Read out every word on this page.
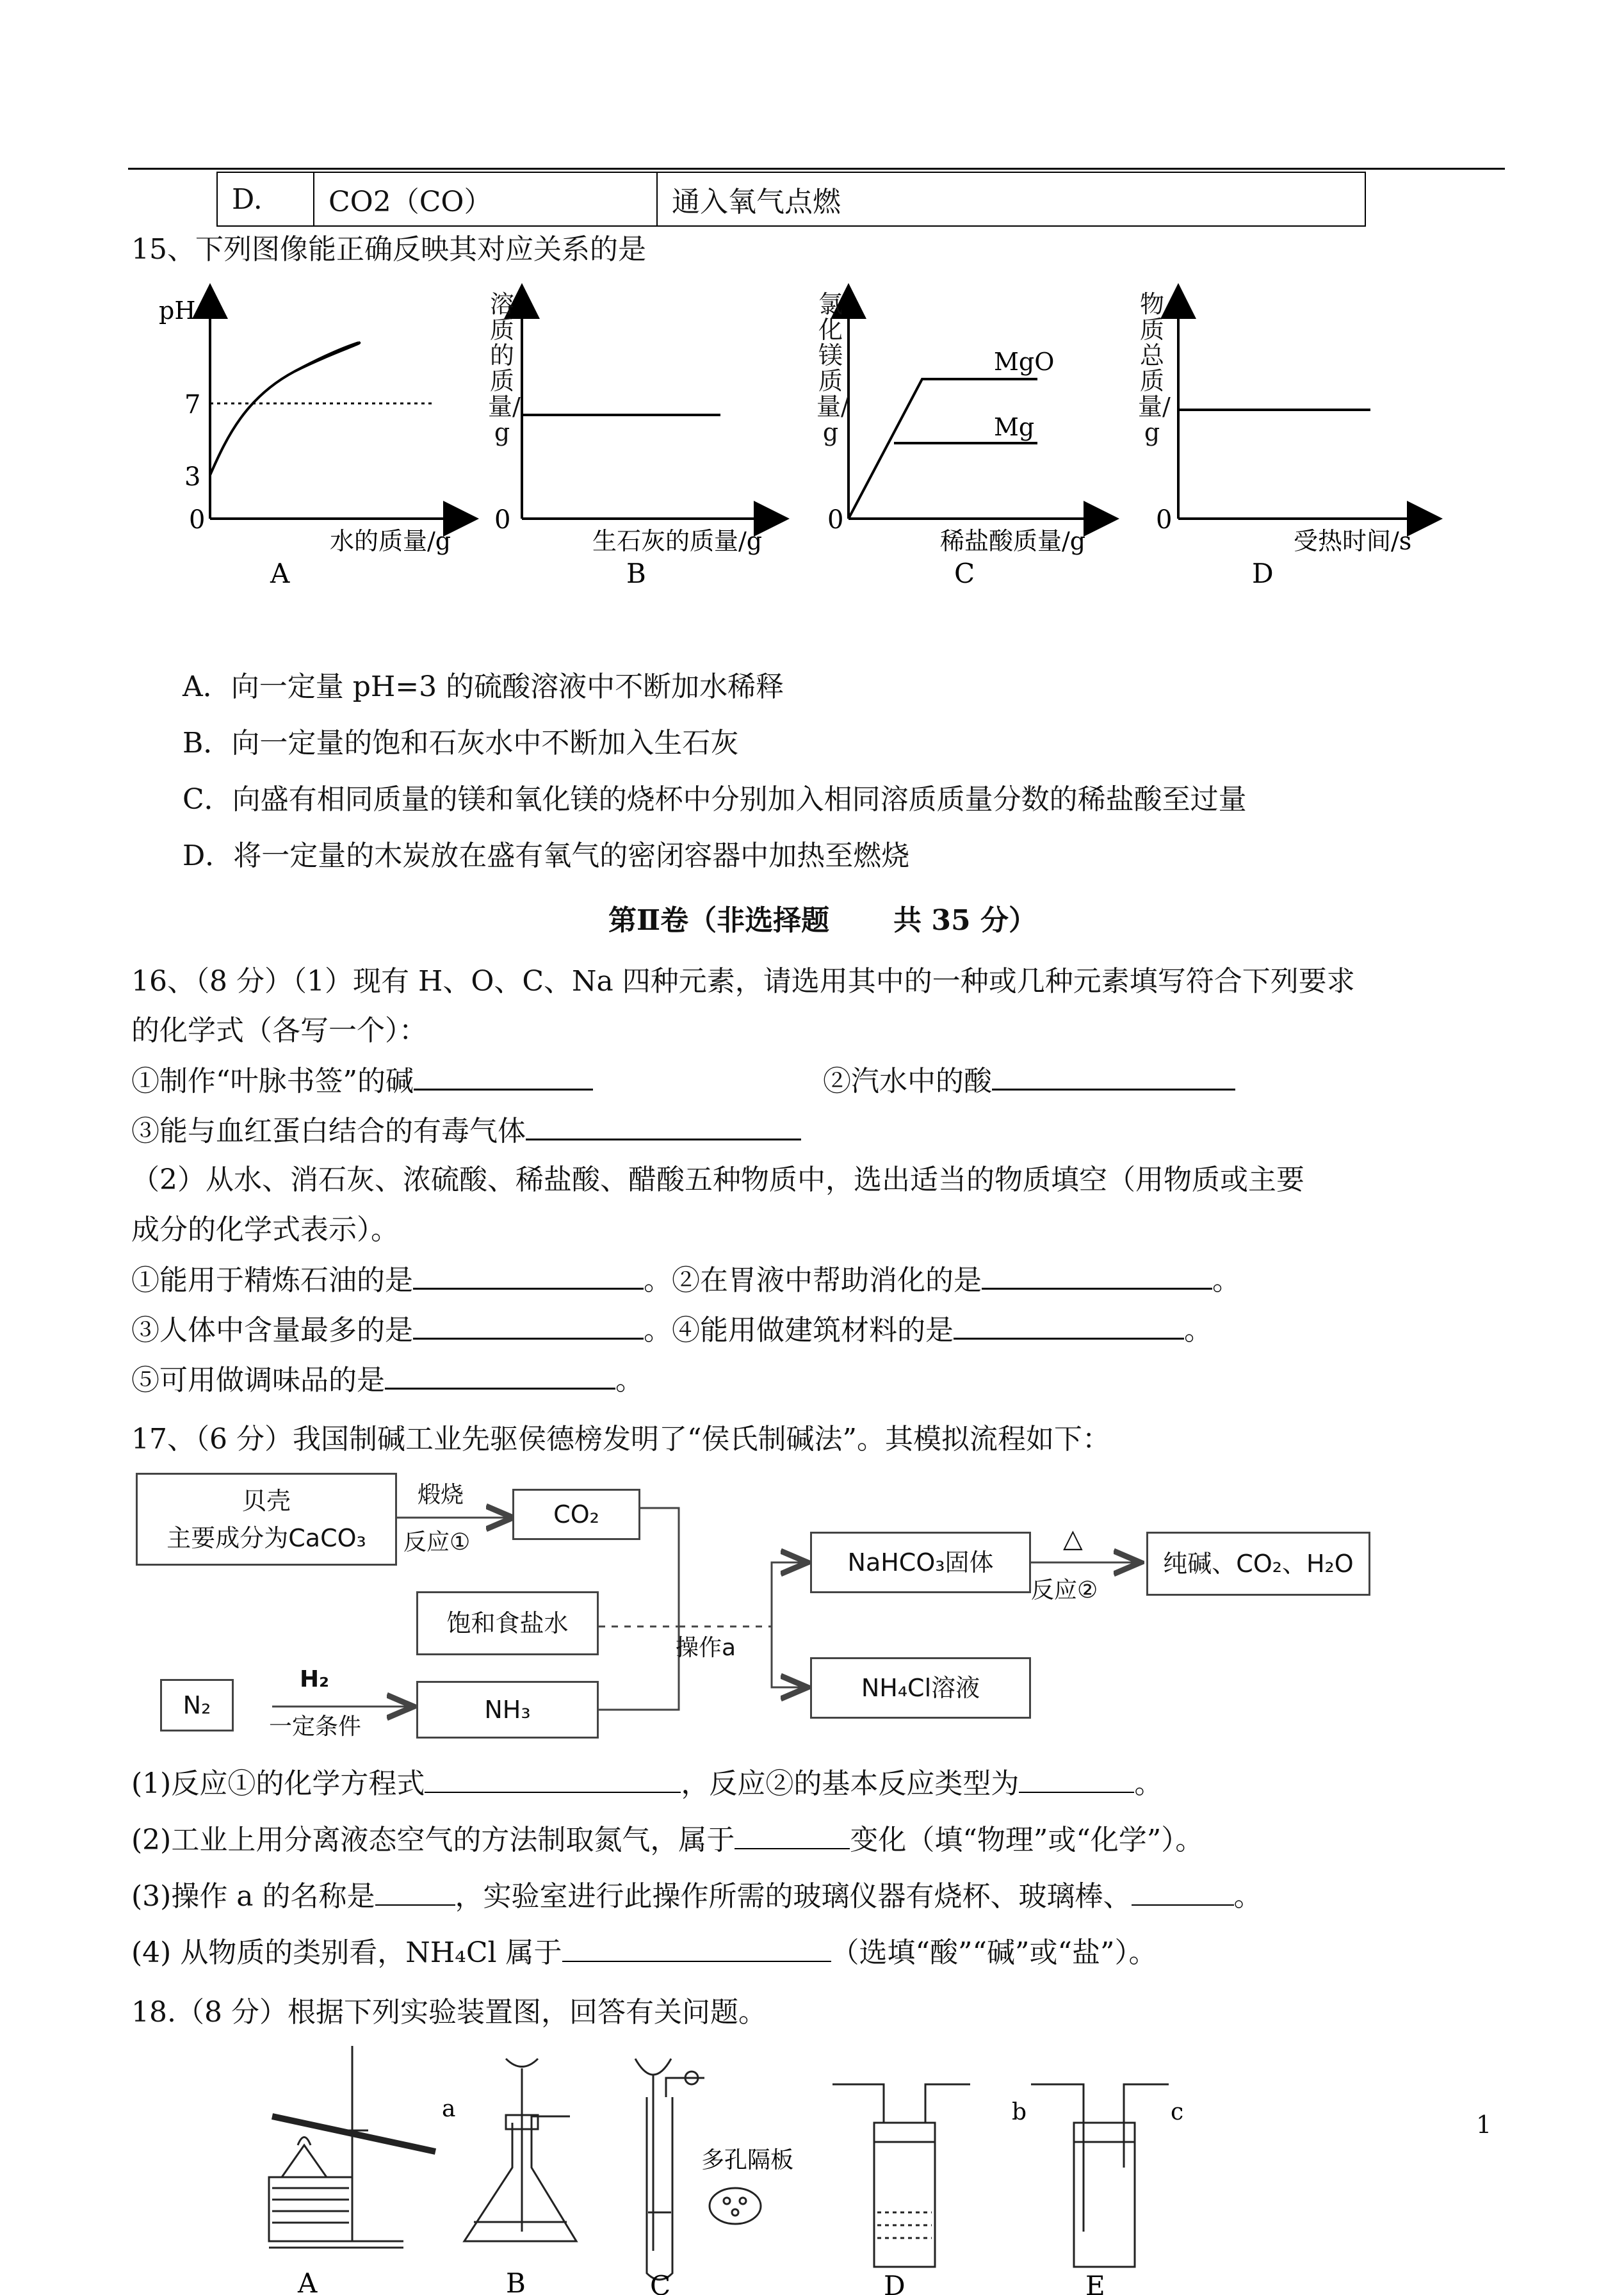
D.	CO2（CO）	通入氧气点燃
15、下列图像能正确反映其对应关系的是
pH
7
3
0
水的质量/g
A
0
生石灰的质量/g
B
MgO
Mg
0
稀盐酸质量/g
C
0
受热时间/s
D
溶质的质量/g
氯化镁质量/g
物质总质量/g
A．向一定量 pH=3 的硫酸溶液中不断加水稀释
B．向一定量的饱和石灰水中不断加入生石灰
C．向盛有相同质量的镁和氧化镁的烧杯中分别加入相同溶质质量分数的稀盐酸至过量
D．将一定量的木炭放在盛有氧气的密闭容器中加热至燃烧
第Ⅱ卷（非选择题 共 35 分）
16、（8 分）（1）现有 H、O、C、Na 四种元素，请选用其中的一种或几种元素填写符合下列要求
的化学式（各写一个）：
①制作“叶脉书签”的碱	②汽水中的酸
③能与血红蛋白结合的有毒气体
（2）从水、消石灰、浓硫酸、稀盐酸、醋酸五种物质中，选出适当的物质填空（用物质或主要
成分的化学式表示）。
①能用于精炼石油的是	。②在胃液中帮助消化的是	。
③人体中含量最多的是	。④能用做建筑材料的是	。
⑤可用做调味品的是	。
17、（6 分）我国制碱工业先驱侯德榜发明了“侯氏制碱法”。其模拟流程如下：
贝壳
主要成分为CaCO₃
煅烧
反应①
CO₂
饱和食盐水
N₂
H₂
一定条件
NH₃
操作a
NaHCO₃固体
△
反应②
纯碱、CO₂、H₂O
NH₄Cl溶液
(1)反应①的化学方程式	，反应②的基本反应类型为	。
(2)工业上用分离液态空气的方法制取氮气，属于	变化（填“物理”或“化学”）。
(3)操作 a 的名称是	，实验室进行此操作所需的玻璃仪器有烧杯、玻璃棒、	。
(4) 从物质的类别看，NH₄Cl 属于	（选填“酸”“碱”或“盐”）。
18.（8 分）根据下列实验装置图，回答有关问题。
a	b	c
多孔隔板
A	B	C	D	E
1
